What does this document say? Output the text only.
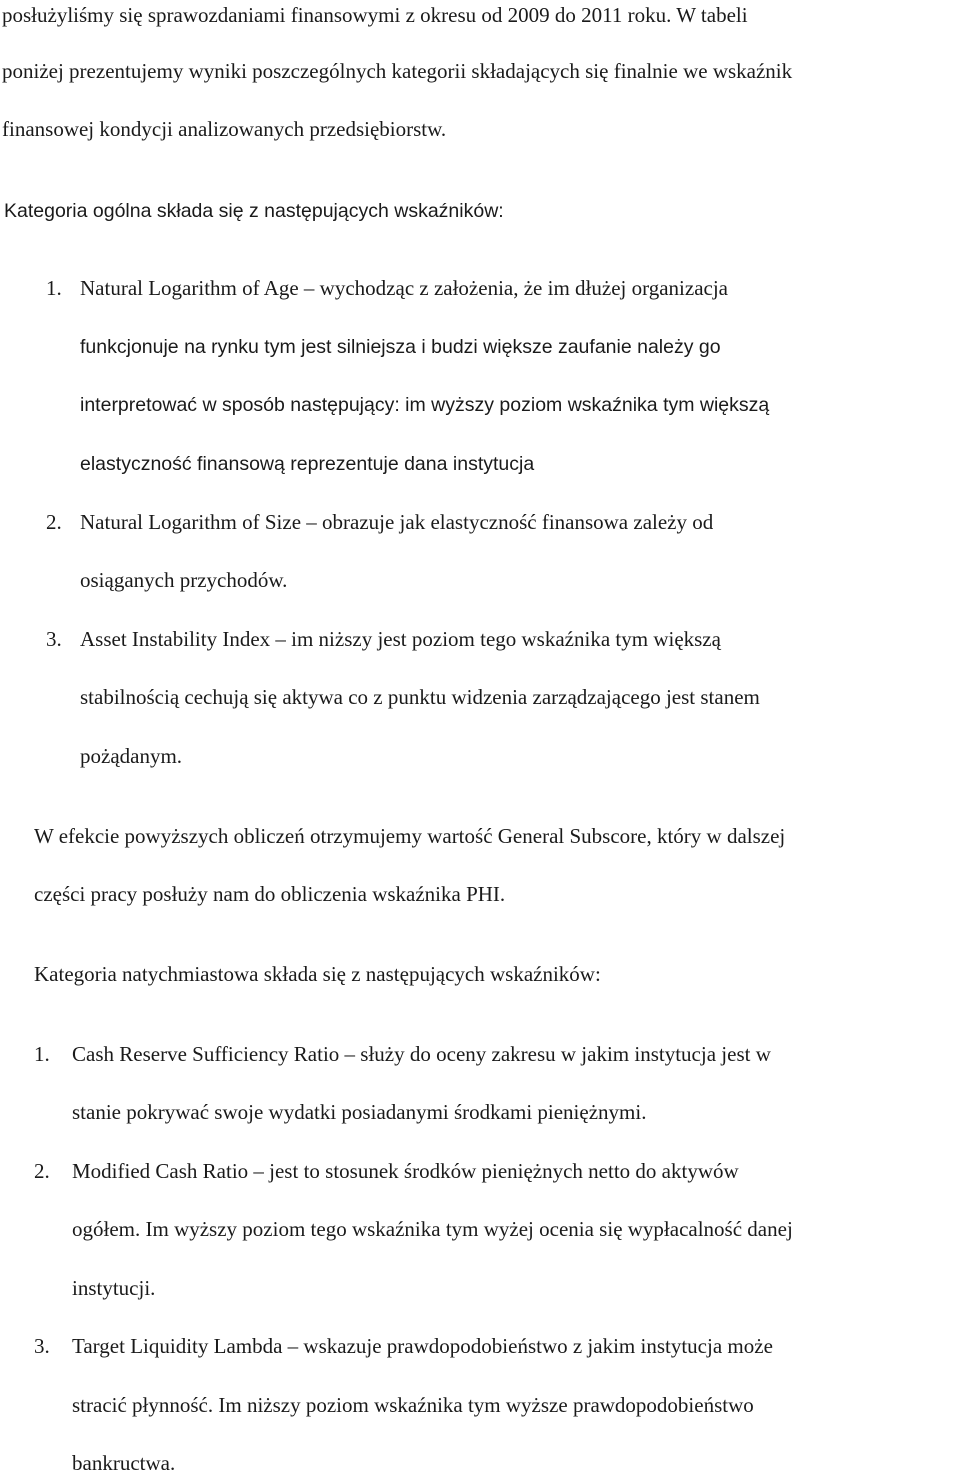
posłużyliśmy się sprawozdaniami finansowymi z okresu od 2009 do 2011 roku. W tabeli
poniżej prezentujemy wyniki poszczególnych kategorii składających się finalnie we wskaźnik
finansowej kondycji analizowanych przedsiębiorstw.
Kategoria ogólna składa się z następujących wskaźników:
1. Natural Logarithm of Age – wychodząc z założenia, że im dłużej organizacja
funkcjonuje na rynku tym jest silniejsza i budzi większe zaufanie należy go
interpretować w sposób następujący: im wyższy poziom wskaźnika tym większą
elastyczność finansową reprezentuje dana instytucja
2. Natural Logarithm of Size – obrazuje jak elastyczność finansowa zależy od
osiąganych przychodów.
3. Asset Instability Index – im niższy jest poziom tego wskaźnika tym większą
stabilnością cechują się aktywa co z punktu widzenia zarządzającego jest stanem
pożądanym.
W efekcie powyższych obliczeń otrzymujemy wartość General Subscore, który w dalszej
części pracy posłuży nam do obliczenia wskaźnika PHI.
Kategoria natychmiastowa składa się z następujących wskaźników:
1. Cash Reserve Sufficiency Ratio – służy do oceny zakresu w jakim instytucja jest w
stanie pokrywać swoje wydatki posiadanymi środkami pieniężnymi.
2. Modified Cash Ratio – jest to stosunek środków pieniężnych netto do aktywów
ogółem. Im wyższy poziom tego wskaźnika tym wyżej ocenia się wypłacalność danej
instytucji.
3. Target Liquidity Lambda – wskazuje prawdopodobieństwo z jakim instytucja może
stracić płynność. Im niższy poziom wskaźnika tym wyższe prawdopodobieństwo
bankructwa.
